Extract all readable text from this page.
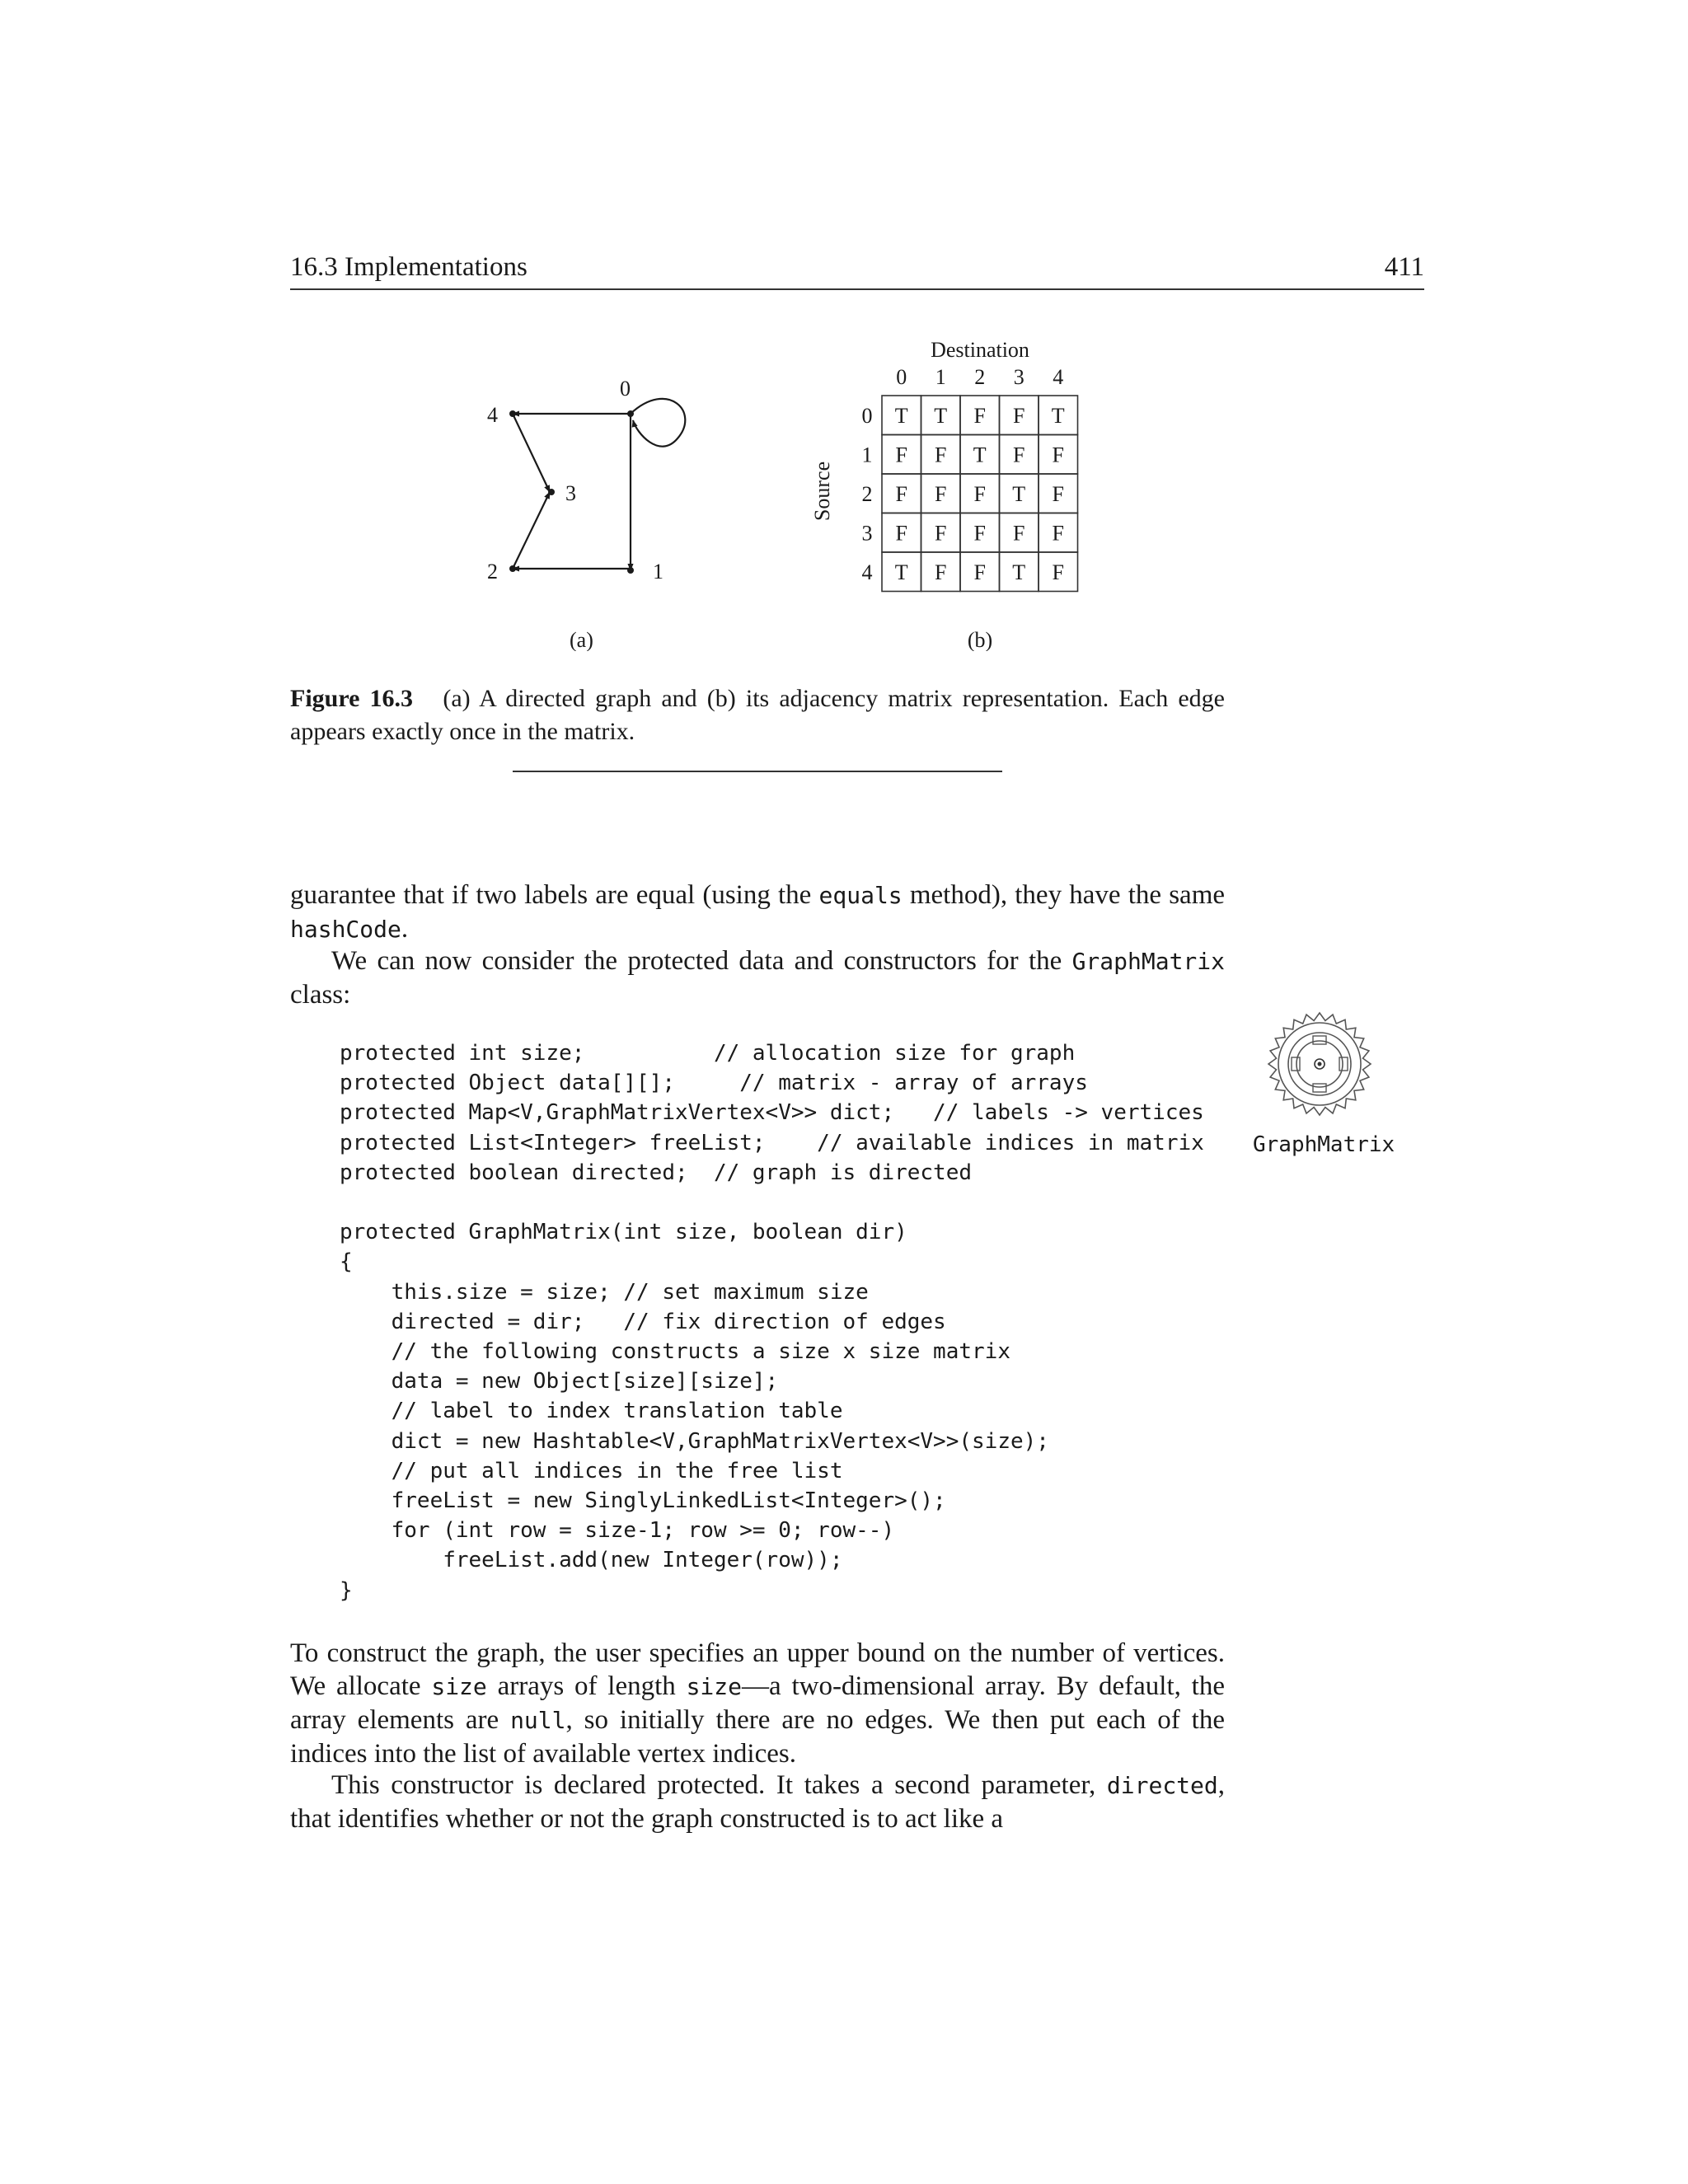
16.3 Implementations	411
0
1
2
3
4
(a)
Destination
Source
0 1 2 3 4
0
1
2
3
4
T T F F T
F F T F F
F F F T F
F F F F F
T F F T F
(b)
Figure 16.3 (a) A directed graph and (b) its adjacency matrix representation. Each edge appears exactly once in the matrix.
guarantee that if two labels are equal (using the equals method), they have the same hashCode.
We can now consider the protected data and constructors for the GraphMatrix class:
protected int size;          // allocation size for graph
protected Object data[][];     // matrix - array of arrays
protected Map<V,GraphMatrixVertex<V>> dict;   // labels -> vertices
protected List<Integer> freeList;    // available indices in matrix
protected boolean directed;  // graph is directed

protected GraphMatrix(int size, boolean dir)
{
this.size = size; // set maximum size
directed = dir;   // fix direction of edges
// the following constructs a size x size matrix
data = new Object[size][size];
// label to index translation table
dict = new Hashtable<V,GraphMatrixVertex<V>>(size);
// put all indices in the free list
freeList = new SinglyLinkedList<Integer>();
for (int row = size-1; row >= 0; row--)
freeList.add(new Integer(row));
}
GraphMatrix
To construct the graph, the user specifies an upper bound on the number of vertices. We allocate size arrays of length size—a two-dimensional array. By default, the array elements are null, so initially there are no edges. We then put each of the indices into the list of available vertex indices.
This constructor is declared protected. It takes a second parameter, directed, that identifies whether or not the graph constructed is to act like a
